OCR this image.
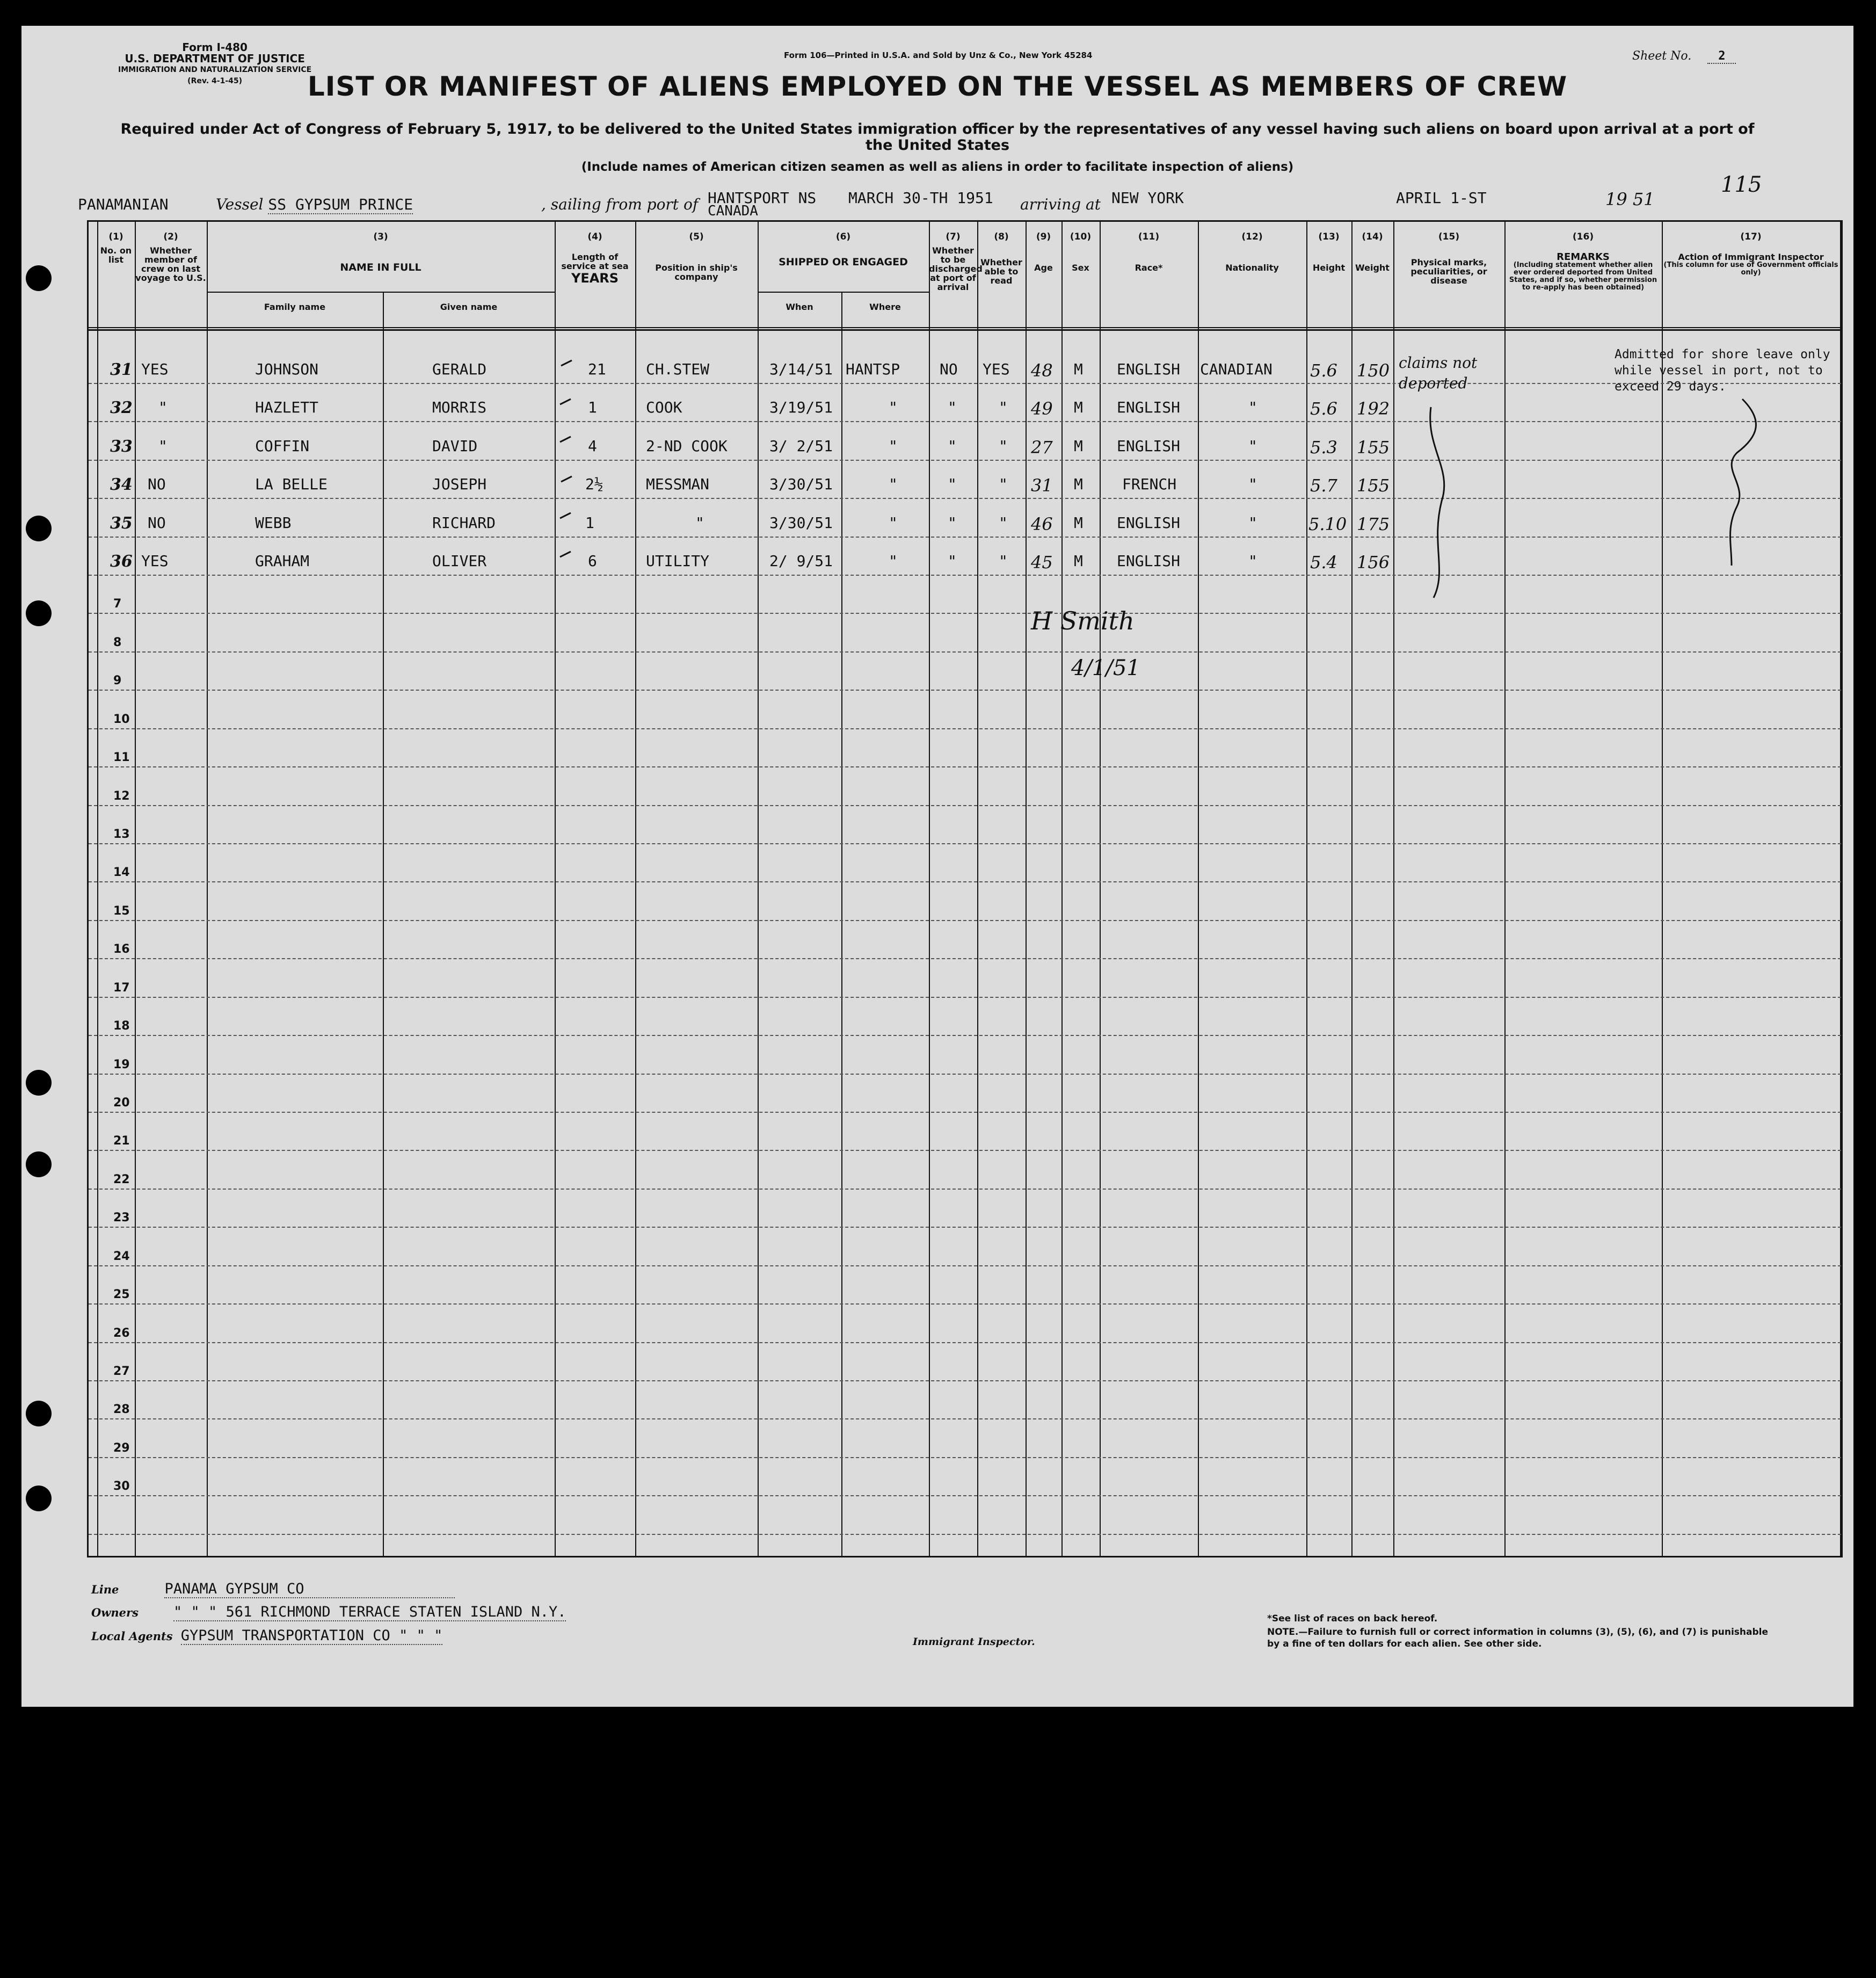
Form I-480
U.S. DEPARTMENT OF JUSTICE
IMMIGRATION AND NATURALIZATION SERVICE
(Rev. 4-1-45)
Form 106—Printed in U.S.A. and Sold by Unz & Co., New York 45284	Sheet No. 2
LIST OR MANIFEST OF ALIENS EMPLOYED ON THE VESSEL AS MEMBERS OF CREW
Required under Act of Congress of February 5, 1917, to be delivered to the United States immigration officer by the representatives of any vessel having such aliens on board upon arrival at a port of the United States
(Include names of American citizen seamen as well as aliens in order to facilitate inspection of aliens)
115
PANAMANIAN	Vessel SS GYPSUM PRINCE	, sailing from port of HANTSPORT NS
CANADA
MARCH 30-TH 1951 arriving at NEW YORK	APRIL 1-ST	19 51
(1)
No. on list
(2)
Whether member of crew on last voyage to U.S.
(3)
NAME IN FULL
Family name	Given name
(4)
Length of service at sea
YEARS
(5)
Position in ship's company
(6)
SHIPPED OR ENGAGED
When	Where
(7)
Whether to be discharged at port of arrival
(8)
Whether able to read
(9)
Age
(10)
Sex
(11)
Race*
(12)
Nationality
(13)
Height
(14)
Weight
(15)
Physical marks, peculiarities, or disease
(16)
REMARKS
(Including statement whether alien ever ordered deported from United States, and if so, whether permission to re-apply has been obtained)
(17)
Action of Immigrant Inspector
(This column for use of Government officials only)
31 YES	JOHNSON	GERALD	21	CH.STEW	3/14/51 HANTSP	NO YES 48 M ENGLISH CANADIAN 5.6 150
32 "	HAZLETT	MORRIS	1	COOK	3/19/51	"	"	" 49 M ENGLISH	"	5.6 192
33 "	COFFIN	DAVID	4	2-ND COOK	3/ 2/51	"	"	" 27 M ENGLISH	"	5.3 155
34 NO	LA BELLE	JOSEPH	2½	MESSMAN	3/30/51	"	"	" 31 M	FRENCH	"	5.7 155
35 NO	WEBB	RICHARD	1	"	3/30/51	"	"	" 46 M ENGLISH	"	5.10 175
36 YES	GRAHAM	OLIVER	6	UTILITY	2/ 9/51	"	"	" 45 M ENGLISH	"	5.4 156
7
8
9
10
11
12
13
14
15
16
17
18
19
20
21
22
23
24
25
26
27
28
29
30
claims not deported
Admitted for shore leave only while vessel in port, not to exceed 29 days.
H Smith
4/1/51
Line	PANAMA GYPSUM CO
Owners " " " 561 RICHMOND TERRACE STATEN ISLAND N.Y.
Local Agents GYPSUM TRANSPORTATION CO " " "	Immigrant Inspector.
*See list of races on back hereof.
NOTE.—Failure to furnish full or correct information in columns (3), (5), (6), and (7) is punishable by a fine of ten dollars for each alien. See other side.
